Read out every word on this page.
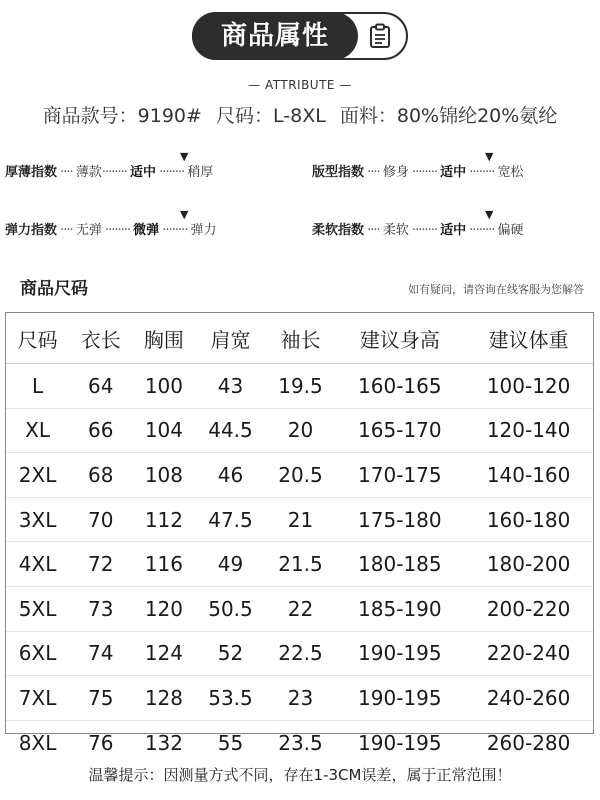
商品属性
— ATTRIBUTE —
商品款号：9190# 尺码：L-8XL 面料：80%锦纶20%氨纶
▼
厚薄指数 ···· 薄款········ 适中 ········ 稍厚
▼
版型指数 ···· 修身 ········ 适中 ········ 宽松
▼
弹力指数 ···· 无弹 ········ 微弹 ········ 弹力
▼
柔软指数 ···· 柔软 ········ 适中 ········ 偏硬
商品尺码	如有疑问，请咨询在线客服为您解答
尺码	衣长	胸围	肩宽	袖长	建议身高	建议体重
L	64	100	43	19.5	160-165	100-120
XL	66	104	44.5	20	165-170	120-140
2XL	68	108	46	20.5	170-175	140-160
3XL	70	112	47.5	21	175-180	160-180
4XL	72	116	49	21.5	180-185	180-200
5XL	73	120	50.5	22	185-190	200-220
6XL	74	124	52	22.5	190-195	220-240
7XL	75	128	53.5	23	190-195	240-260
8XL	76	132	55	23.5	190-195	260-280
温馨提示：因测量方式不同，存在1-3CM误差，属于正常范围！
